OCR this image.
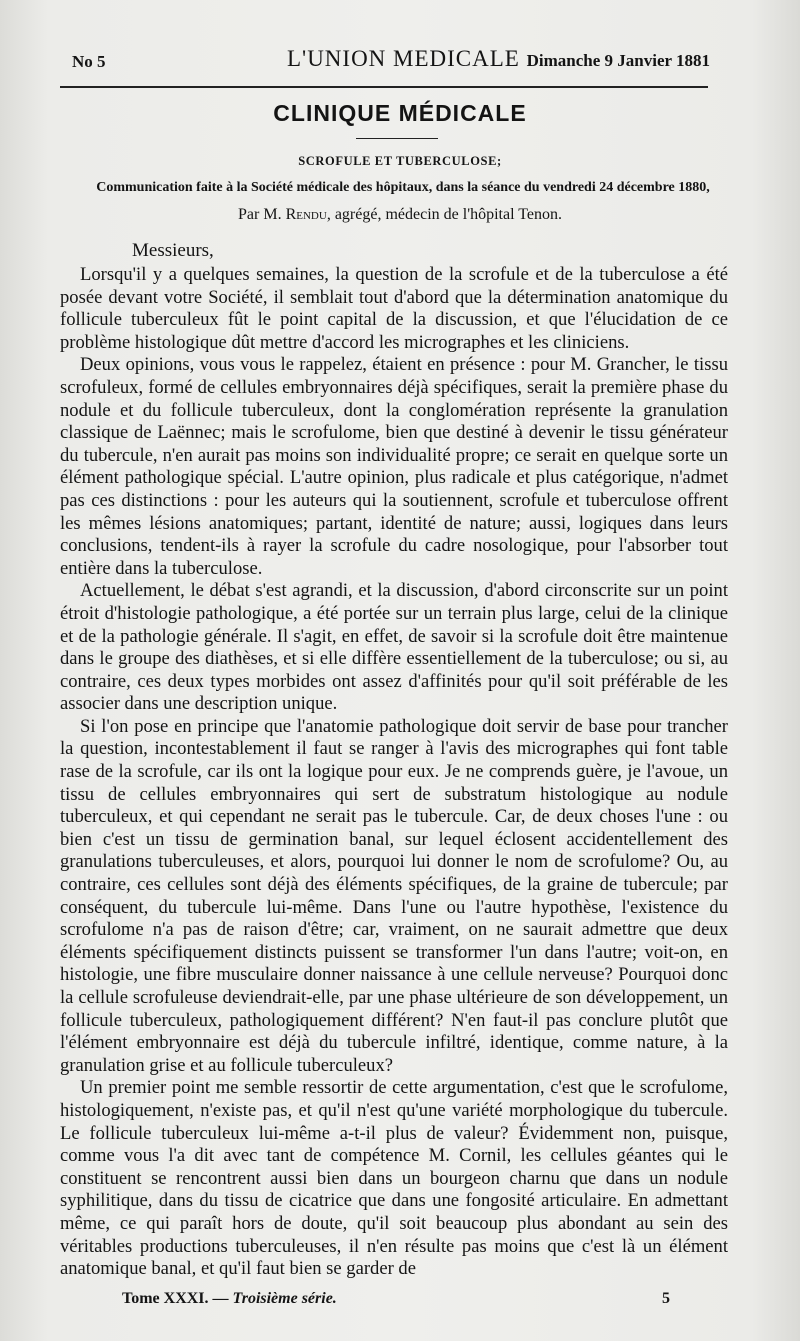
No 5	L'UNION MEDICALE Dimanche 9 Janvier 1881
CLINIQUE MÉDICALE
SCROFULE ET TUBERCULOSE;
Communication faite à la Société médicale des hôpitaux, dans la séance du vendredi 24 décembre 1880,
Par M. Rendu, agrégé, médecin de l'hôpital Tenon.
Messieurs,

Lorsqu'il y a quelques semaines, la question de la scrofule et de la tuberculose a été posée devant votre Société, il semblait tout d'abord que la détermination anatomique du follicule tuberculeux fût le point capital de la discussion, et que l'élucidation de ce problème histologique dût mettre d'accord les micrographes et les cliniciens.

Deux opinions, vous vous le rappelez, étaient en présence : pour M. Grancher, le tissu scrofuleux, formé de cellules embryonnaires déjà spécifiques, serait la première phase du nodule et du follicule tuberculeux, dont la conglomération représente la granulation classique de Laënnec; mais le scrofulome, bien que destiné à devenir le tissu générateur du tubercule, n'en aurait pas moins son individualité propre; ce serait en quelque sorte un élément pathologique spécial. L'autre opinion, plus radicale et plus catégorique, n'admet pas ces distinctions : pour les auteurs qui la soutiennent, scrofule et tuberculose offrent les mêmes lésions anatomiques; partant, identité de nature; aussi, logiques dans leurs conclusions, tendent-ils à rayer la scrofule du cadre nosologique, pour l'absorber tout entière dans la tuberculose.

Actuellement, le débat s'est agrandi, et la discussion, d'abord circonscrite sur un point étroit d'histologie pathologique, a été portée sur un terrain plus large, celui de la clinique et de la pathologie générale. Il s'agit, en effet, de savoir si la scrofule doit être maintenue dans le groupe des diathèses, et si elle diffère essentiellement de la tuberculose; ou si, au contraire, ces deux types morbides ont assez d'affinités pour qu'il soit préférable de les associer dans une description unique.

Si l'on pose en principe que l'anatomie pathologique doit servir de base pour trancher la question, incontestablement il faut se ranger à l'avis des micrographes qui font table rase de la scrofule, car ils ont la logique pour eux. Je ne comprends guère, je l'avoue, un tissu de cellules embryonnaires qui sert de substratum histologique au nodule tuberculeux, et qui cependant ne serait pas le tubercule. Car, de deux choses l'une : ou bien c'est un tissu de germination banal, sur lequel éclosent accidentellement des granulations tuberculeuses, et alors, pourquoi lui donner le nom de scrofulome? Ou, au contraire, ces cellules sont déjà des éléments spécifiques, de la graine de tubercule; par conséquent, du tubercule lui-même. Dans l'une ou l'autre hypothèse, l'existence du scrofulome n'a pas de raison d'être; car, vraiment, on ne saurait admettre que deux éléments spécifiquement distincts puissent se transformer l'un dans l'autre; voit-on, en histologie, une fibre musculaire donner naissance à une cellule nerveuse? Pourquoi donc la cellule scrofuleuse deviendrait-elle, par une phase ultérieure de son développement, un follicule tuberculeux, pathologiquement différent? N'en faut-il pas conclure plutôt que l'élément embryonnaire est déjà du tubercule infiltré, identique, comme nature, à la granulation grise et au follicule tuberculeux?

Un premier point me semble ressortir de cette argumentation, c'est que le scrofulome, histologiquement, n'existe pas, et qu'il n'est qu'une variété morphologique du tubercule. Le follicule tuberculeux lui-même a-t-il plus de valeur? Évidemment non, puisque, comme vous l'a dit avec tant de compétence M. Cornil, les cellules géantes qui le constituent se rencontrent aussi bien dans un bourgeon charnu que dans un nodule syphilitique, dans du tissu de cicatrice que dans une fongosité articulaire. En admettant même, ce qui paraît hors de doute, qu'il soit beaucoup plus abondant au sein des véritables productions tuberculeuses, il n'en résulte pas moins que c'est là un élément anatomique banal, et qu'il faut bien se garder de

Tome XXXI. — Troisième série.	5
